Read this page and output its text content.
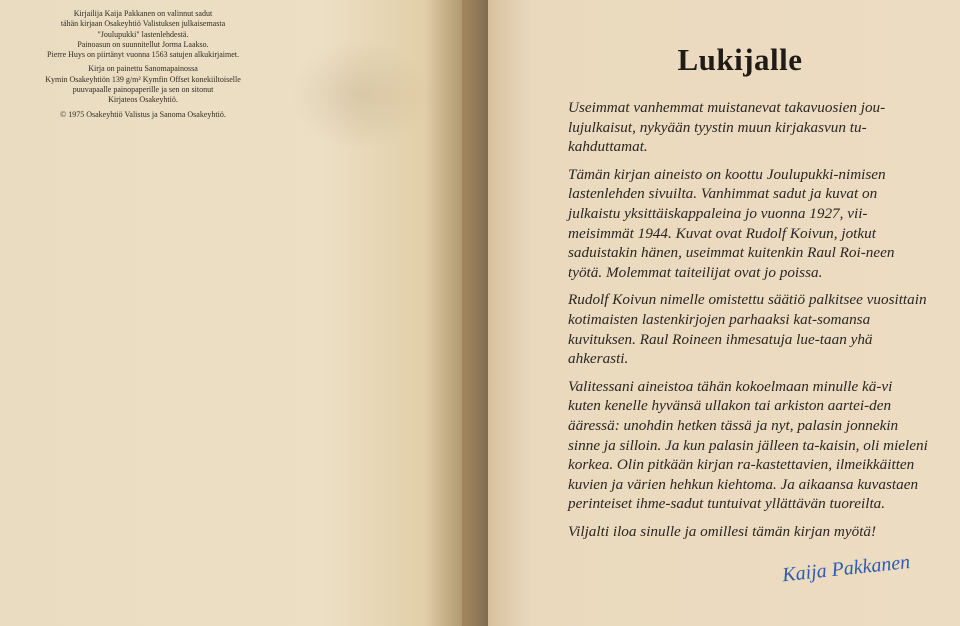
Kirjailija Kaija Pakkanen on valinnut sadut

tähän kirjaan Osakeyhtiö Valistuksen julkaisemasta

"Joulupukki" lastenlehdestä.

Painoasun on suunnitellut Jorma Laakso.

Pierre Huys on piirtänyt vuonna 1563 satujen alkukirjaimet.

Kirja on painettu Sanomapainossa

Kymin Osakeyhtiön 139 g/m² Kymfin Offset konekiiltoiselle

puuvapaalle painopaperille ja sen on sitonut

Kirjateos Osakeyhtiö.

© 1975 Osakeyhtiö Valistus ja Sanoma Osakeyhtiö.

Lukijalle

Useimmat vanhemmat muistanevat takavuosien jou-lujulkaisut, nykyään tyystin muun kirjakasvun tu-kahduttamat.

Tämän kirjan aineisto on koottu Joulupukki-nimisen lastenlehden sivuilta. Vanhimmat sadut ja kuvat on julkaistu yksittäiskappaleina jo vuonna 1927, vii-meisimmät 1944. Kuvat ovat Rudolf Koivun, jotkut saduistakin hänen, useimmat kuitenkin Raul Roi-neen työtä. Molemmat taiteilijat ovat jo poissa.

Rudolf Koivun nimelle omistettu säätiö palkitsee vuosittain kotimaisten lastenkirjojen parhaaksi kat-somansa kuvituksen. Raul Roineen ihmesatuja lue-taan yhä ahkerasti.

Valitessani aineistoa tähän kokoelmaan minulle kä-vi kuten kenelle hyvänsä ullakon tai arkiston aartei-den ääressä: unohdin hetken tässä ja nyt, palasin jonnekin sinne ja silloin. Ja kun palasin jälleen ta-kaisin, oli mieleni korkea. Olin pitkään kirjan ra-kastettavien, ilmeikkäitten kuvien ja värien hehkun kiehtoma. Ja aikaansa kuvastaen perinteiset ihme-sadut tuntuivat yllättävän tuoreilta.

Viljalti iloa sinulle ja omillesi tämän kirjan myötä!

Kaija Pakkanen
